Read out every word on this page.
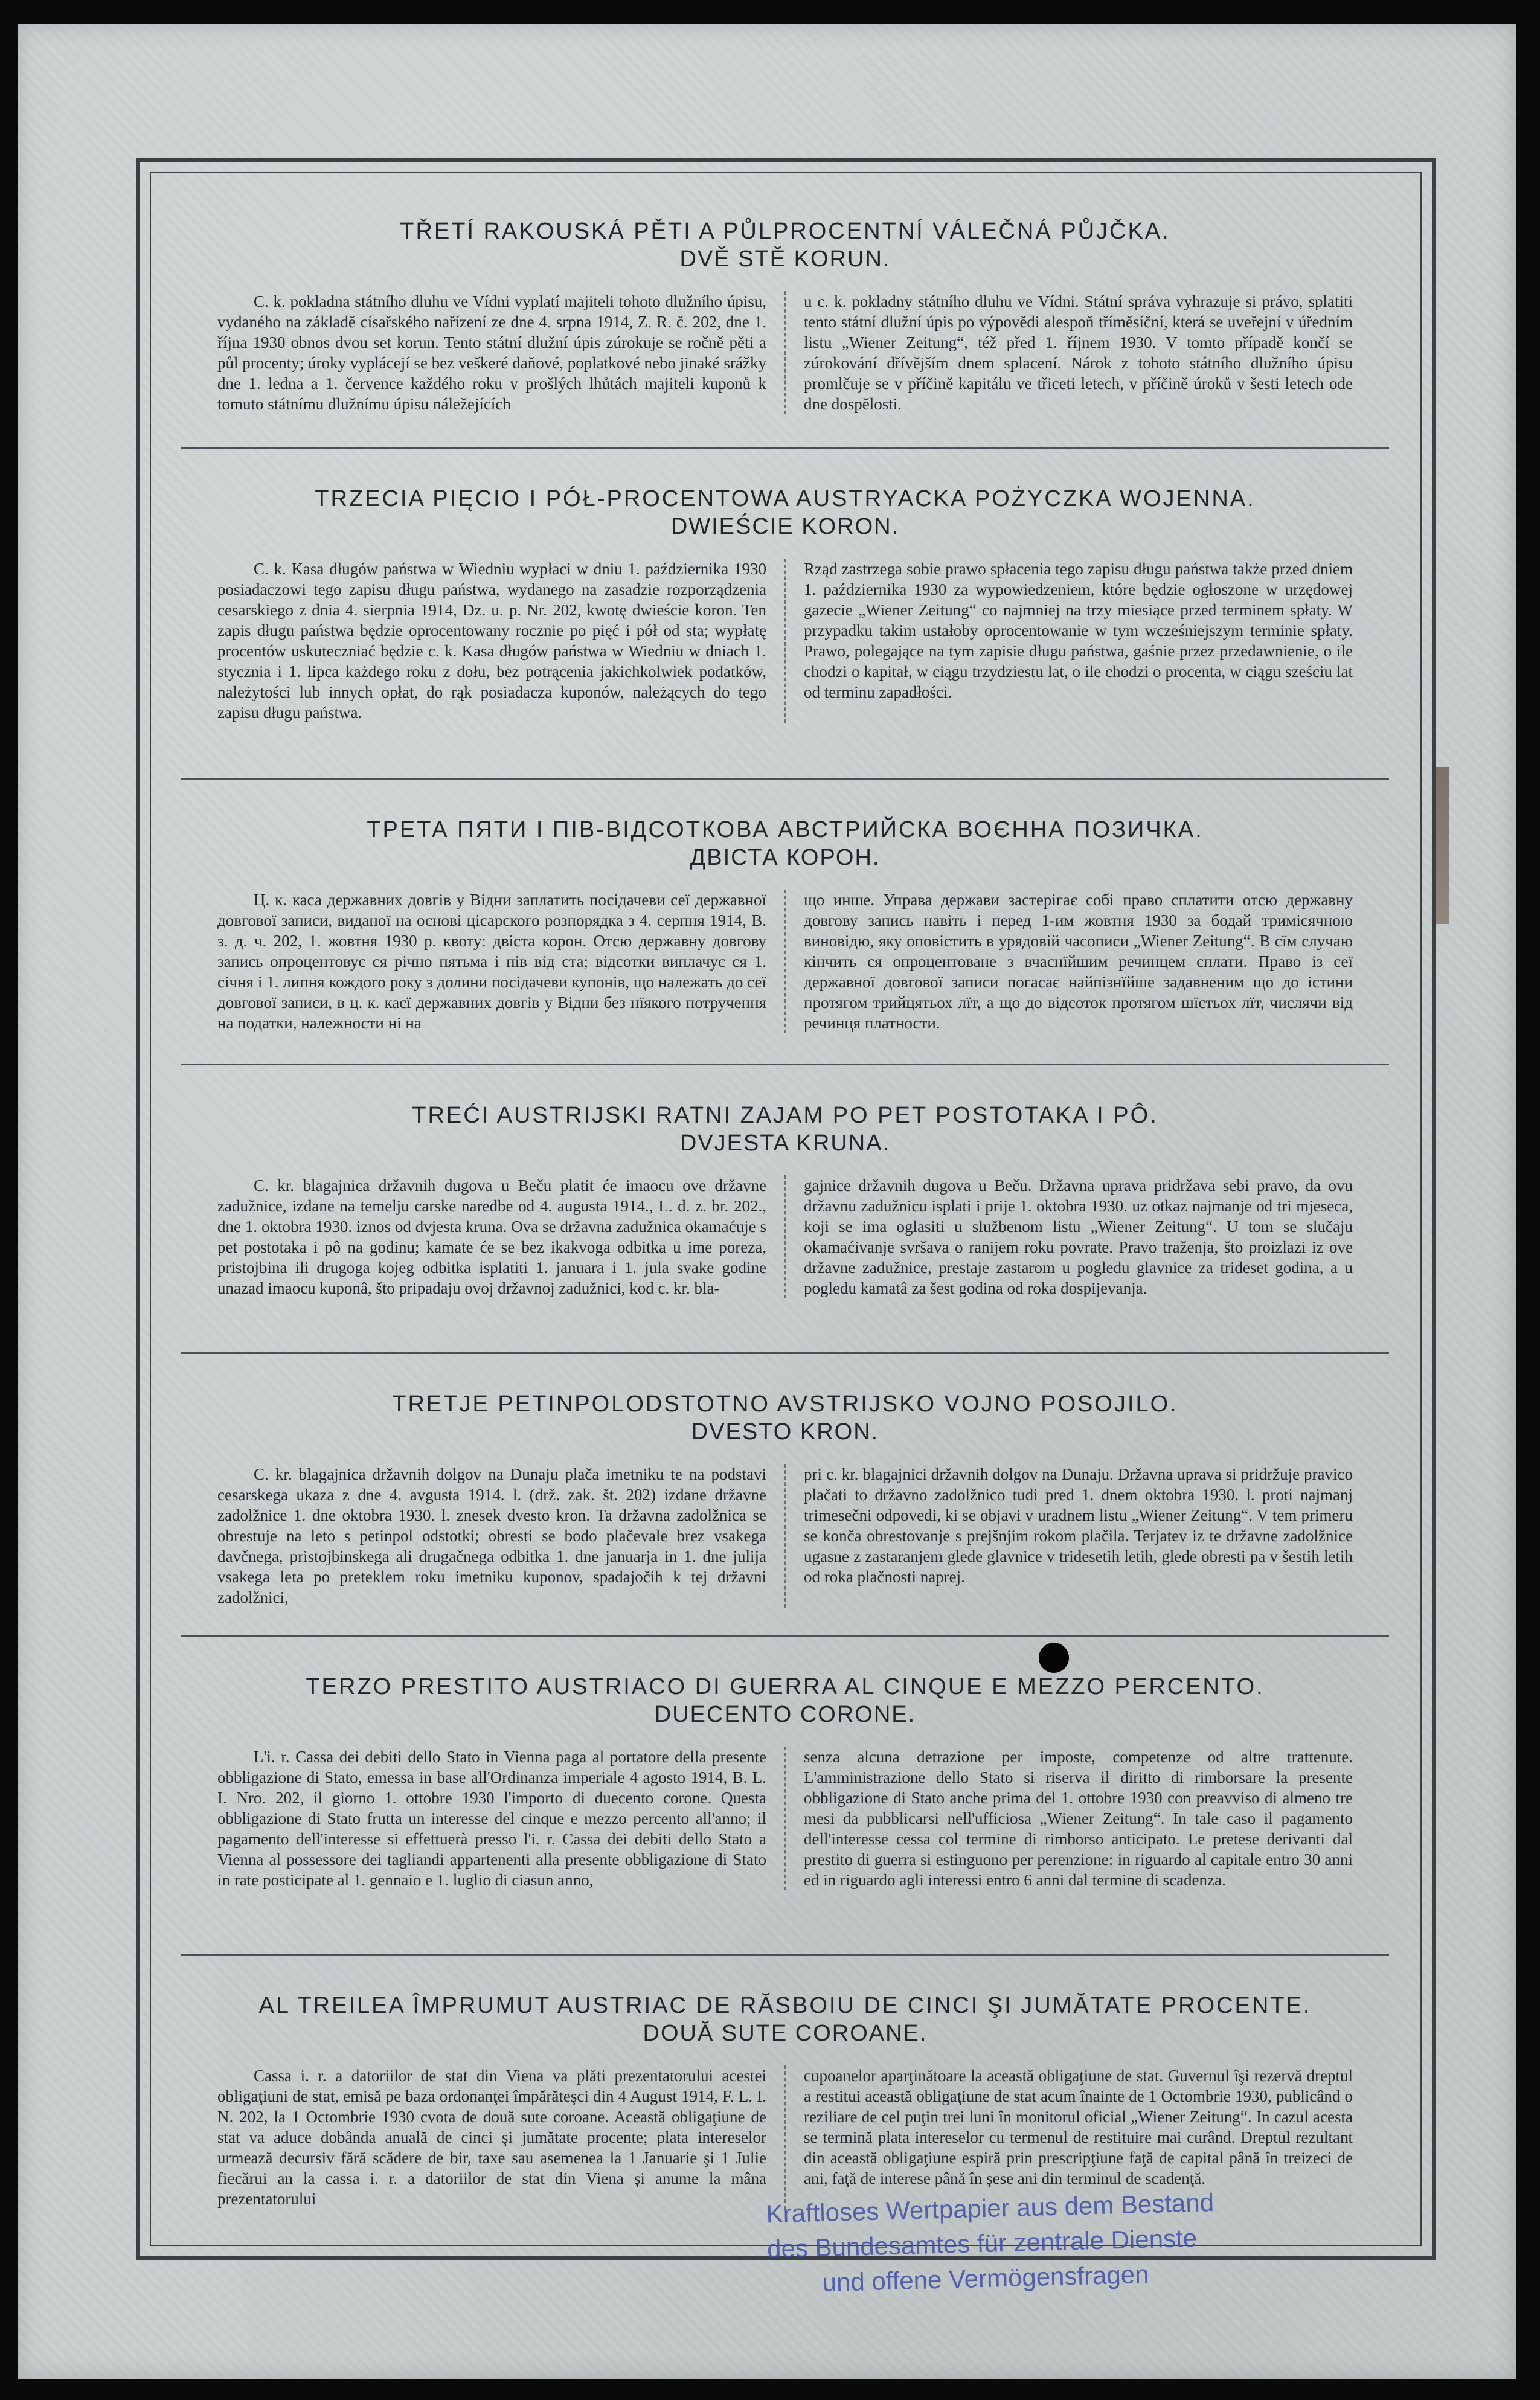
TŘETÍ RAKOUSKÁ PĚTI A PŮLPROCENTNÍ VÁLEČNÁ PŮJČKA.

DVĚ STĚ KORUN.

C. k. pokladna státního dluhu ve Vídni vyplatí majiteli tohoto dlužního úpisu, vydaného na základě císařského nařízení ze dne 4. srpna 1914, Z. R. č. 202, dne 1. října 1930 obnos dvou set korun. Tento státní dlužní úpis zúrokuje se ročně pěti a půl procenty; úroky vyplácejí se bez veškeré daňové, poplatkové nebo jinaké srážky dne 1. ledna a 1. července každého roku v prošlých lhůtách majiteli kuponů k tomuto státnímu dlužnímu úpisu náležejících
u c. k. pokladny státního dluhu ve Vídni. Státní správa vyhrazuje si právo, splatiti tento státní dlužní úpis po výpovědi alespoň tříměsíční, která se uveřejní v úředním listu „Wiener Zeitung“, též před 1. říjnem 1930. V tomto případě končí se zúrokování dřívějším dnem splacení. Nárok z tohoto státního dlužního úpisu promlčuje se v příčině kapitálu ve třiceti letech, v příčině úroků v šesti letech ode dne dospělosti.

TRZECIA PIĘCIO I PÓŁ-PROCENTOWA AUSTRYACKA POŻYCZKA WOJENNA.

DWIEŚCIE KORON.

C. k. Kasa długów państwa w Wiedniu wypłaci w dniu 1. października 1930 posiadaczowi tego zapisu długu państwa, wydanego na zasadzie rozporządzenia cesarskiego z dnia 4. sierpnia 1914, Dz. u. p. Nr. 202, kwotę dwieście koron. Ten zapis długu państwa będzie oprocentowany rocznie po pięć i pół od sta; wypłatę procentów uskuteczniać będzie c. k. Kasa długów państwa w Wiedniu w dniach 1. stycznia i 1. lipca każdego roku z dołu, bez potrącenia jakichkolwiek podatków, należytości lub innych opłat, do rąk posiadacza kuponów, należących do tego zapisu długu państwa.
Rząd zastrzega sobie prawo spłacenia tego zapisu długu państwa także przed dniem 1. października 1930 za wypowiedzeniem, które będzie ogłoszone w urzędowej gazecie „Wiener Zeitung“ co najmniej na trzy miesiące przed terminem spłaty. W przypadku takim ustałoby oprocentowanie w tym wcześniejszym terminie spłaty. Prawo, polegające na tym zapisie długu państwa, gaśnie przez przedawnienie, o ile chodzi o kapitał, w ciągu trzydziestu lat, o ile chodzi o procenta, w ciągu sześciu lat od terminu zapadłości.

ТРЕТА ПЯТИ І ПІВ-ВІДСОТКОВА АВСТРИЙСКА ВОЄННА ПОЗИЧКА.

ДВІСТА КОРОН.

Ц. к. каса державних довгів у Відни заплатить посідачеви сеї державної довгової записи, виданої на основі цісарского розпорядка з 4. серпня 1914, В. з. д. ч. 202, 1. жовтня 1930 р. квоту: двіста корон. Отсю державну довгову запись опроцентовує ся річно пятьма і пів від ста; відсотки виплачує ся 1. січня і 1. липня кождого року з долини посідачеви купонів, що належать до сеї довгової записи, в ц. к. касї державних довгів у Відни без нїякого потручення на податки, належности ні на
що инше. Управа держави застерігає собі право сплатити отсю державну довгову запись навіть і перед 1-им жовтня 1930 за бодай тримісячною виновідю, яку оповістить в урядовій часописи „Wiener Zeitung“. В сїм случаю кінчить ся опроцентоване з вчаснїйшим речинцем сплати. Право із сеї державної довгової записи погасає найпізнїйше задавненим що до істини протягом трийцятьох лїт, а що до відсоток протягом шїстьох лїт, числячи від речинця платности.

TREĆI AUSTRIJSKI RATNI ZAJAM PO PET POSTOTAKA I PÔ.

DVJESTA KRUNA.

C. kr. blagajnica državnih dugova u Beču platit će imaocu ove državne zadužnice, izdane na temelju carske naredbe od 4. augusta 1914., L. d. z. br. 202., dne 1. oktobra 1930. iznos od dvjesta kruna. Ova se državna zadužnica okamaćuje s pet postotaka i pô na godinu; kamate će se bez ikakvoga odbitka u ime poreza, pristojbina ili drugoga kojeg odbitka isplatiti 1. januara i 1. jula svake godine unazad imaocu kuponâ, što pripadaju ovoj državnoj zadužnici, kod c. kr. bla-
gajnice državnih dugova u Beču. Državna uprava pridržava sebi pravo, da ovu državnu zadužnicu isplati i prije 1. oktobra 1930. uz otkaz najmanje od tri mjeseca, koji se ima oglasiti u službenom listu „Wiener Zeitung“. U tom se slučaju okamaćivanje svršava o ranijem roku povrate. Pravo traženja, što proizlazi iz ove državne zadužnice, prestaje zastarom u pogledu glavnice za trideset godina, a u pogledu kamatâ za šest godina od roka dospijevanja.

TRETJE PETINPOLODSTOTNO AVSTRIJSKO VOJNO POSOJILO.

DVESTO KRON.

C. kr. blagajnica državnih dolgov na Dunaju plača imetniku te na podstavi cesarskega ukaza z dne 4. avgusta 1914. l. (drž. zak. št. 202) izdane državne zadolžnice 1. dne oktobra 1930. l. znesek dvesto kron. Ta državna zadolžnica se obrestuje na leto s petinpol odstotki; obresti se bodo plačevale brez vsakega davčnega, pristojbinskega ali drugačnega odbitka 1. dne januarja in 1. dne julija vsakega leta po preteklem roku imetniku kuponov, spadajočih k tej državni zadolžnici,
pri c. kr. blagajnici državnih dolgov na Dunaju. Državna uprava si pridržuje pravico plačati to državno zadolžnico tudi pred 1. dnem oktobra 1930. l. proti najmanj trimesečni odpovedi, ki se objavi v uradnem listu „Wiener Zeitung“. V tem primeru se konča obrestovanje s prejšnjim rokom plačila. Terjatev iz te državne zadolžnice ugasne z zastaranjem glede glavnice v tridesetih letih, glede obresti pa v šestih letih od roka plačnosti naprej.

TERZO PRESTITO AUSTRIACO DI GUERRA AL CINQUE E MEZZO PERCENTO.

DUECENTO CORONE.

L'i. r. Cassa dei debiti dello Stato in Vienna paga al portatore della presente obbligazione di Stato, emessa in base all'Ordinanza imperiale 4 agosto 1914, B. L. I. Nro. 202, il giorno 1. ottobre 1930 l'importo di duecento corone. Questa obbligazione di Stato frutta un interesse del cinque e mezzo percento all'anno; il pagamento dell'interesse si effettuerà presso l'i. r. Cassa dei debiti dello Stato a Vienna al possessore dei tagliandi appartenenti alla presente obbligazione di Stato in rate posticipate al 1. gennaio e 1. luglio di ciasun anno,
senza alcuna detrazione per imposte, competenze od altre trattenute. L'amministrazione dello Stato si riserva il diritto di rimborsare la presente obbligazione di Stato anche prima del 1. ottobre 1930 con preavviso di almeno tre mesi da pubblicarsi nell'ufficiosa „Wiener Zeitung“. In tale caso il pagamento dell'interesse cessa col termine di rimborso anticipato. Le pretese derivanti dal prestito di guerra si estinguono per perenzione: in riguardo al capitale entro 30 anni ed in riguardo agli interessi entro 6 anni dal termine di scadenza.

AL TREILEA ÎMPRUMUT AUSTRIAC DE RĂSBOIU DE CINCI ŞI JUMĂTATE PROCENTE.

DOUĂ SUTE COROANE.

Cassa i. r. a datoriilor de stat din Viena va plăti prezentatorului acestei obligaţiuni de stat, emisă pe baza ordonanţei împărăteşci din 4 August 1914, F. L. I. N. 202, la 1 Octombrie 1930 cvota de două sute coroane. Această obligaţiune de stat va aduce dobânda anuală de cinci şi jumătate procente; plata intereselor urmează decursiv fără scădere de bir, taxe sau asemenea la 1 Januarie şi 1 Julie fiecărui an la cassa i. r. a datoriilor de stat din Viena şi anume la mâna prezentatorului
cupoanelor aparţinătoare la această obligaţiune de stat. Guvernul îşi rezervă dreptul a restitui această obligaţiune de stat acum înainte de 1 Octombrie 1930, publicând o reziliare de cel puţin trei luni în monitorul oficial „Wiener Zeitung“. In cazul acesta se termină plata intereselor cu termenul de restituire mai curând. Dreptul rezultant din această obligaţiune espiră prin prescripţiune faţă de capital până în treizeci de ani, faţă de interese până în şese ani din terminul de scadenţă.
Kraftloses Wertpapier aus dem Bestand
des Bundesamtes für zentrale Dienste
und offene Vermögensfragen
